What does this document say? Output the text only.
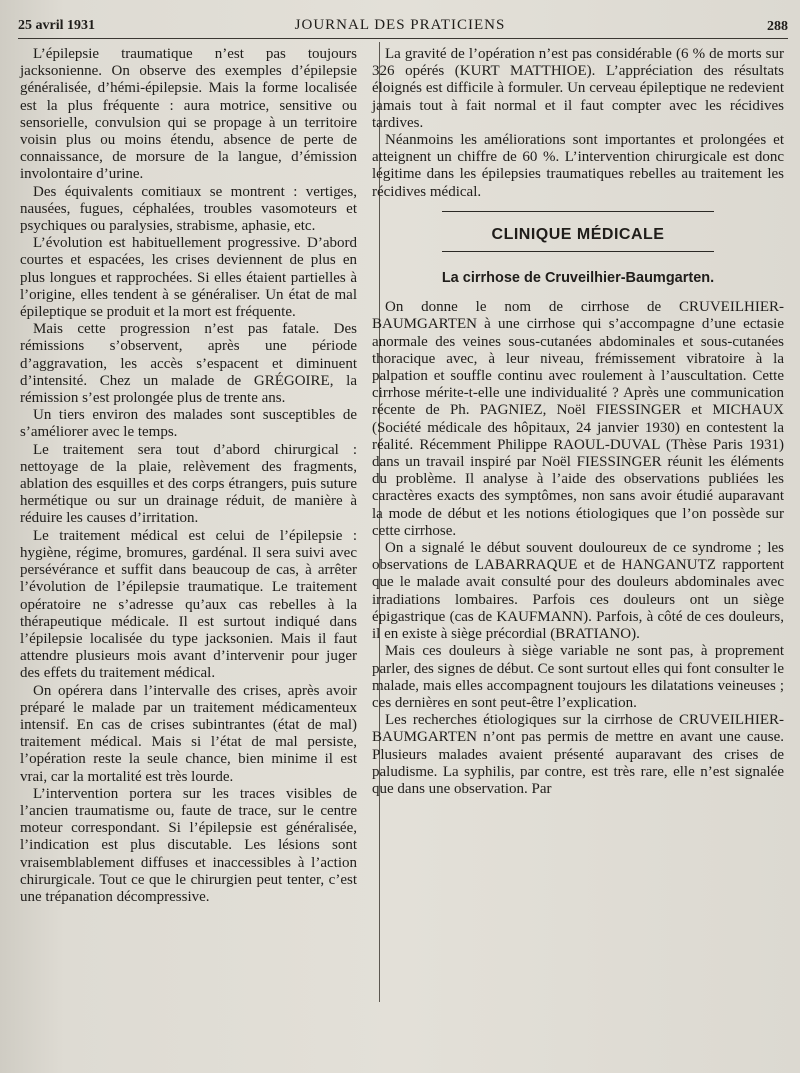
25 avril 1931	JOURNAL DES PRATICIENS	288

L’épilepsie traumatique n’est pas toujours jacksonienne. On observe des exemples d’épilepsie généralisée, d’hémi-épilepsie. Mais la forme localisée est la plus fréquente : aura motrice, sensitive ou sensorielle, convulsion qui se propage à un territoire voisin plus ou moins étendu, absence de perte de connaissance, de morsure de la langue, d’émission involontaire d’urine.

Des équivalents comitiaux se montrent : vertiges, nausées, fugues, céphalées, troubles vasomoteurs et psychiques ou paralysies, strabisme, aphasie, etc.

L’évolution est habituellement progressive. D’abord courtes et espacées, les crises deviennent de plus en plus longues et rapprochées. Si elles étaient partielles à l’origine, elles tendent à se généraliser. Un état de mal épileptique se produit et la mort est fréquente.

Mais cette progression n’est pas fatale. Des rémissions s’observent, après une période d’aggravation, les accès s’espacent et diminuent d’intensité. Chez un malade de GRÉGOIRE, la rémission s’est prolongée plus de trente ans.

Un tiers environ des malades sont susceptibles de s’améliorer avec le temps.

Le traitement sera tout d’abord chirurgical : nettoyage de la plaie, relèvement des fragments, ablation des esquilles et des corps étrangers, puis suture hermétique ou sur un drainage réduit, de manière à réduire les causes d’irritation.

Le traitement médical est celui de l’épilepsie : hygiène, régime, bromures, gardénal. Il sera suivi avec persévérance et suffit dans beaucoup de cas, à arrêter l’évolution de l’épilepsie traumatique. Le traitement opératoire ne s’adresse qu’aux cas rebelles à la thérapeutique médicale. Il est surtout indiqué dans l’épilepsie localisée du type jacksonien. Mais il faut attendre plusieurs mois avant d’intervenir pour juger des effets du traitement médical.

On opérera dans l’intervalle des crises, après avoir préparé le malade par un traitement médicamenteux intensif. En cas de crises subintrantes (état de mal) traitement médical. Mais si l’état de mal persiste, l’opération reste la seule chance, bien minime il est vrai, car la mortalité est très lourde.

L’intervention portera sur les traces visibles de l’ancien traumatisme ou, faute de trace, sur le centre moteur correspondant. Si l’épilepsie est généralisée, l’indication est plus discutable. Les lésions sont vraisemblablement diffuses et inaccessibles à l’action chirurgicale. Tout ce que le chirurgien peut tenter, c’est une trépanation décompressive.

La gravité de l’opération n’est pas considérable (6 % de morts sur 326 opérés (KURT MATTHIOE). L’appréciation des résultats éloignés est difficile à formuler. Un cerveau épileptique ne redevient jamais tout à fait normal et il faut compter avec les récidives tardives.

Néanmoins les améliorations sont importantes et prolongées et atteignent un chiffre de 60 %. L’intervention chirurgicale est donc légitime dans les épilepsies traumatiques rebelles au traitement les récidives médical.

CLINIQUE MÉDICALE
La cirrhose de Cruveilhier-Baumgarten.

On donne le nom de cirrhose de CRUVEILHIER-BAUMGARTEN à une cirrhose qui s’accompagne d’une ectasie anormale des veines sous-cutanées abdominales et sous-cutanées thoracique avec, à leur niveau, frémissement vibratoire à la palpation et souffle continu avec roulement à l’auscultation. Cette cirrhose mérite-t-elle une individualité ? Après une communication récente de Ph. PAGNIEZ, Noël FIESSINGER et MICHAUX (Société médicale des hôpitaux, 24 janvier 1930) en contestent la réalité. Récemment Philippe RAOUL-DUVAL (Thèse Paris 1931) dans un travail inspiré par Noël FIESSINGER réunit les éléments du problème. Il analyse à l’aide des observations publiées les caractères exacts des symptômes, non sans avoir étudié auparavant la mode de début et les notions étiologiques que l’on possède sur cette cirrhose.

On a signalé le début souvent douloureux de ce syndrome ; les observations de LABARRAQUE et de HANGANUTZ rapportent que le malade avait consulté pour des douleurs abdominales avec irradiations lombaires. Parfois ces douleurs ont un siège épigastrique (cas de KAUFMANN). Parfois, à côté de ces douleurs, il en existe à siège précordial (BRATIANO).

Mais ces douleurs à siège variable ne sont pas, à proprement parler, des signes de début. Ce sont surtout elles qui font consulter le malade, mais elles accompagnent toujours les dilatations veineuses ; ces dernières en sont peut-être l’explication.

Les recherches étiologiques sur la cirrhose de CRUVEILHIER-BAUMGARTEN n’ont pas permis de mettre en avant une cause. Plusieurs malades avaient présenté auparavant des crises de paludisme. La syphilis, par contre, est très rare, elle n’est signalée que dans une observation. Par
